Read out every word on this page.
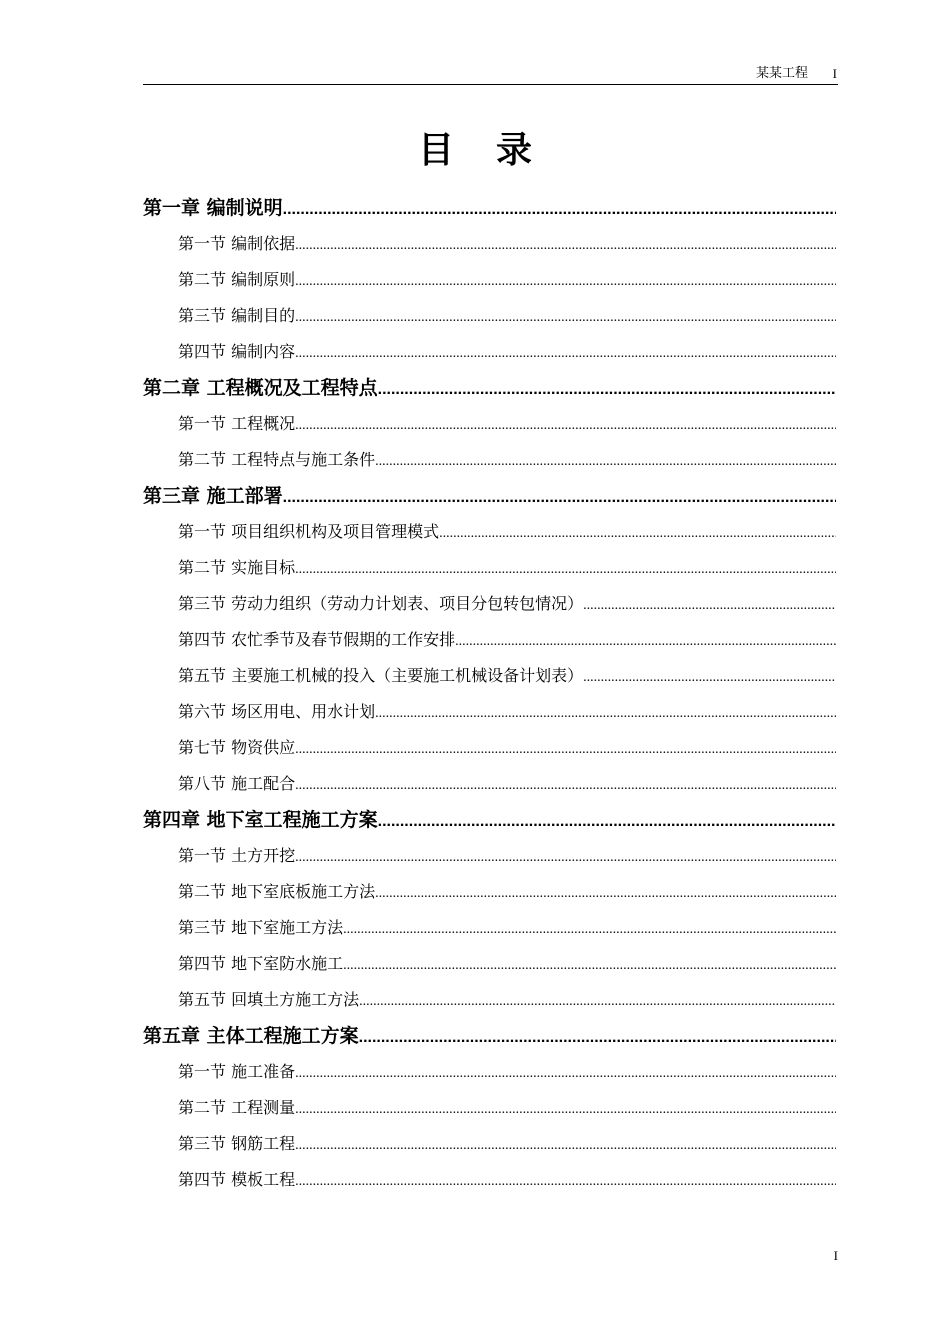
某某工程 I
目录
第一章 编制说明
.....
第一节 编制依据
.....
第二节 编制原则
.....
第三节 编制目的
.....
第四节 编制内容
.....
第二章 工程概况及工程特点
.....
第一节 工程概况
.....
第二节 工程特点与施工条件
.....
第三章 施工部署
.....
第一节 项目组织机构及项目管理模式
.....
第二节 实施目标
.....
第三节 劳动力组织（劳动力计划表、项目分包转包情况）
.....
第四节 农忙季节及春节假期的工作安排
.....
第五节 主要施工机械的投入（主要施工机械设备计划表）
.....
第六节 场区用电、用水计划
.....
第七节 物资供应
.....
第八节 施工配合
.....
第四章 地下室工程施工方案
.....
第一节 土方开挖
.....
第二节 地下室底板施工方法
.....
第三节 地下室施工方法
.....
第四节 地下室防水施工
.....
第五节 回填土方施工方法
.....
第五章 主体工程施工方案
.....
第一节 施工准备
.....
第二节 工程测量
.....
第三节 钢筋工程
.....
第四节 模板工程
.....
I
